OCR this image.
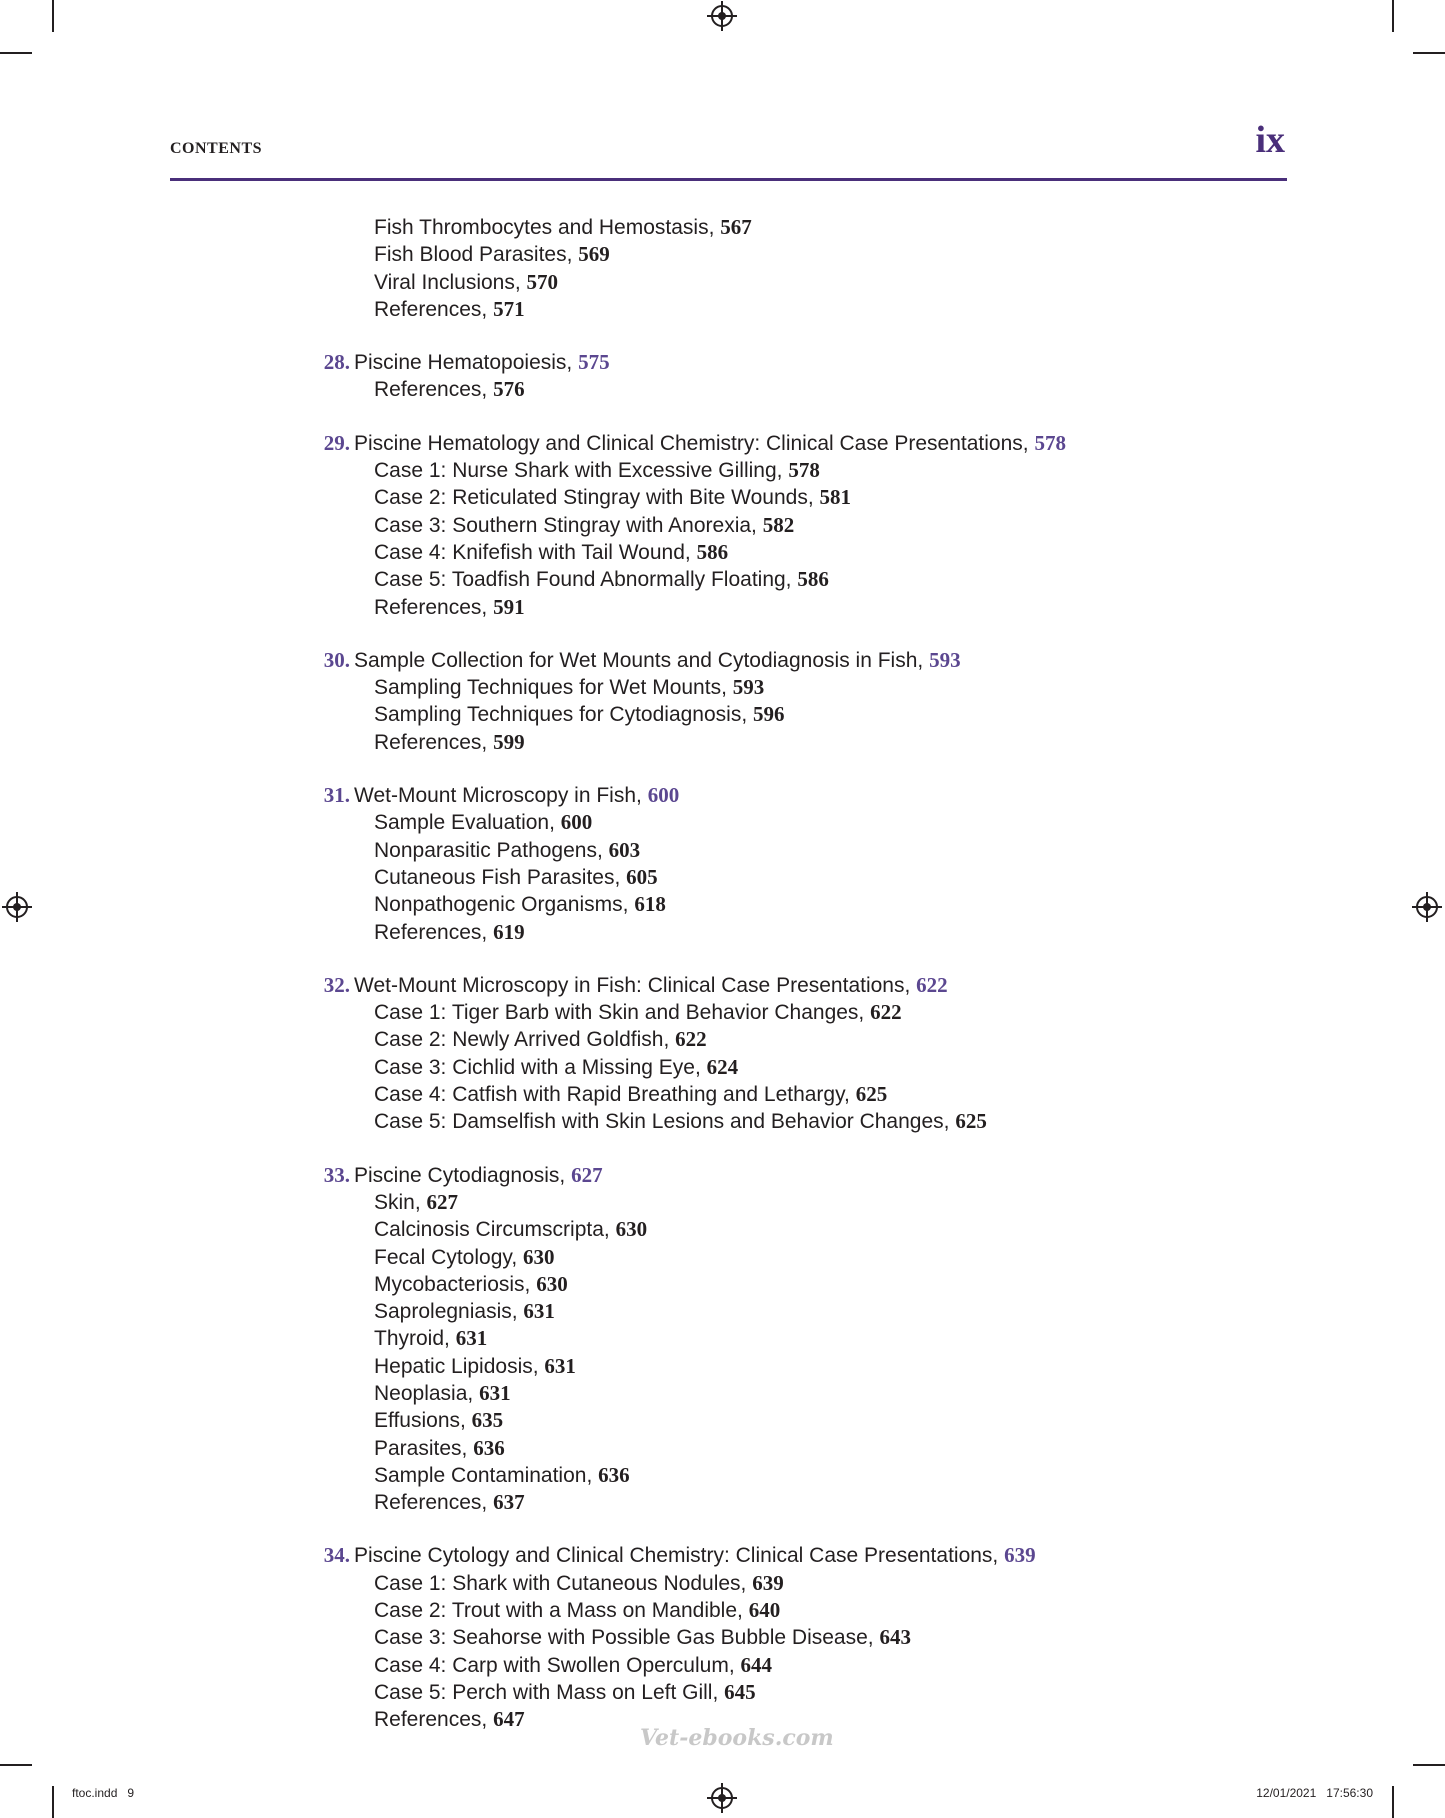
CONTENTS	ix
Fish Thrombocytes and Hemostasis, 567
Fish Blood Parasites, 569
Viral Inclusions, 570
References, 571
28. Piscine Hematopoiesis, 575
References, 576
29. Piscine Hematology and Clinical Chemistry: Clinical Case Presentations, 578
Case 1: Nurse Shark with Excessive Gilling, 578
Case 2: Reticulated Stingray with Bite Wounds, 581
Case 3: Southern Stingray with Anorexia, 582
Case 4: Knifefish with Tail Wound, 586
Case 5: Toadfish Found Abnormally Floating, 586
References, 591
30. Sample Collection for Wet Mounts and Cytodiagnosis in Fish, 593
Sampling Techniques for Wet Mounts, 593
Sampling Techniques for Cytodiagnosis, 596
References, 599
31. Wet-Mount Microscopy in Fish, 600
Sample Evaluation, 600
Nonparasitic Pathogens, 603
Cutaneous Fish Parasites, 605
Nonpathogenic Organisms, 618
References, 619
32. Wet-Mount Microscopy in Fish: Clinical Case Presentations, 622
Case 1: Tiger Barb with Skin and Behavior Changes, 622
Case 2: Newly Arrived Goldfish, 622
Case 3: Cichlid with a Missing Eye, 624
Case 4: Catfish with Rapid Breathing and Lethargy, 625
Case 5: Damselfish with Skin Lesions and Behavior Changes, 625
33. Piscine Cytodiagnosis, 627
Skin, 627
Calcinosis Circumscripta, 630
Fecal Cytology, 630
Mycobacteriosis, 630
Saprolegniasis, 631
Thyroid, 631
Hepatic Lipidosis, 631
Neoplasia, 631
Effusions, 635
Parasites, 636
Sample Contamination, 636
References, 637
34. Piscine Cytology and Clinical Chemistry: Clinical Case Presentations, 639
Case 1: Shark with Cutaneous Nodules, 639
Case 2: Trout with a Mass on Mandible, 640
Case 3: Seahorse with Possible Gas Bubble Disease, 643
Case 4: Carp with Swollen Operculum, 644
Case 5: Perch with Mass on Left Gill, 645
References, 647
Vet-ebooks.com
ftoc.indd   9	12/01/2021   17:56:30
